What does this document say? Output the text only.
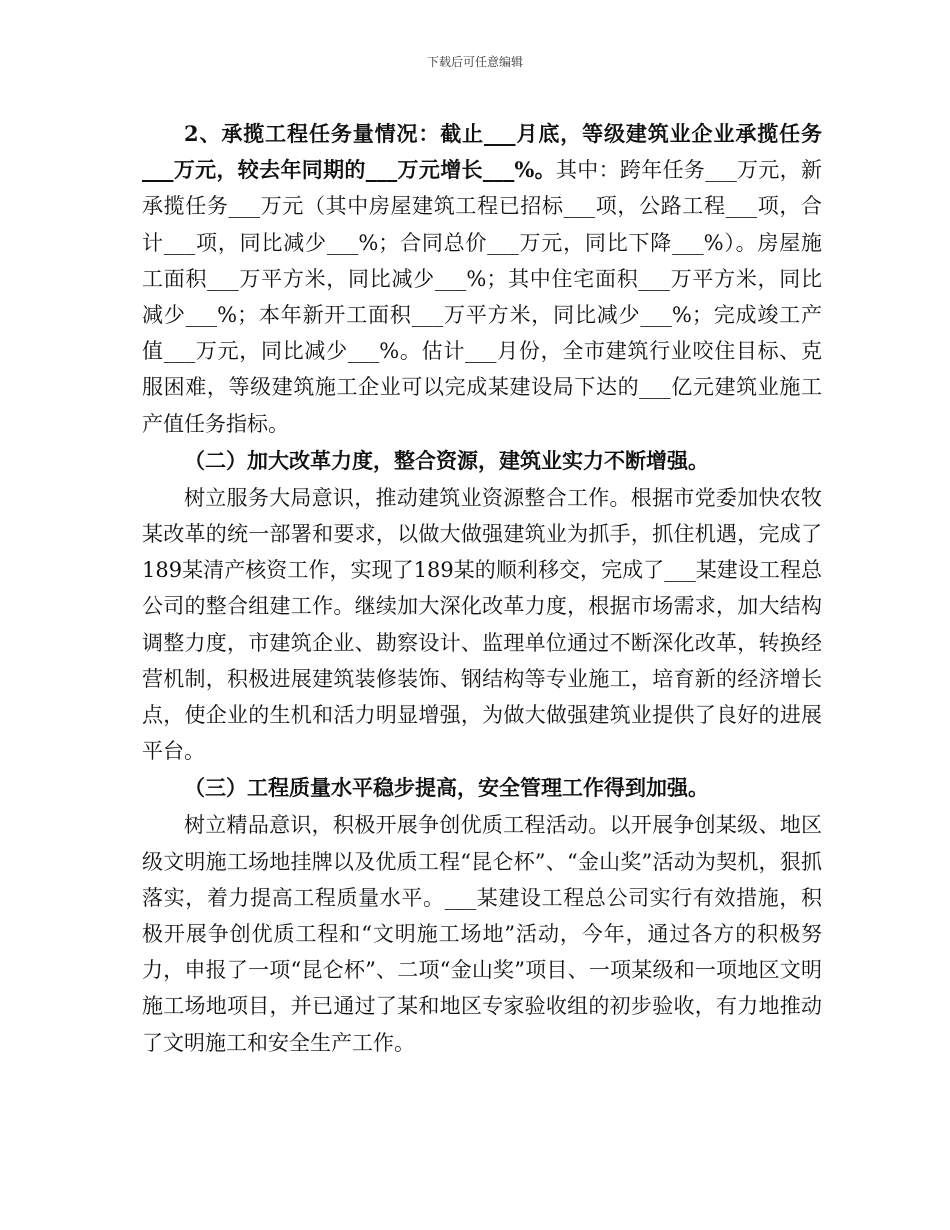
下载后可任意编辑

2、承揽工程任务量情况：截止___月底，等级建筑业企业承揽任务___万元，较去年同期的___万元增长___%。其中：跨年任务___万元，新承揽任务___万元（其中房屋建筑工程已招标___项，公路工程___项，合计___项，同比减少___%；合同总价___万元，同比下降___%）。房屋施工面积___万平方米，同比减少___%；其中住宅面积___万平方米，同比减少___%；本年新开工面积___万平方米，同比减少___%；完成竣工产值___万元，同比减少___%。估计___月份，全市建筑行业咬住目标、克服困难，等级建筑施工企业可以完成某建设局下达的___亿元建筑业施工产值任务指标。

（二）加大改革力度，整合资源，建筑业实力不断增强。

树立服务大局意识，推动建筑业资源整合工作。根据市党委加快农牧某改革的统一部署和要求，以做大做强建筑业为抓手，抓住机遇，完成了189某清产核资工作，实现了189某的顺利移交，完成了___某建设工程总公司的整合组建工作。继续加大深化改革力度，根据市场需求，加大结构调整力度，市建筑企业、勘察设计、监理单位通过不断深化改革，转换经营机制，积极进展建筑装修装饰、钢结构等专业施工，培育新的经济增长点，使企业的生机和活力明显增强，为做大做强建筑业提供了良好的进展平台。

（三）工程质量水平稳步提高，安全管理工作得到加强。

树立精品意识，积极开展争创优质工程活动。以开展争创某级、地区级文明施工场地挂牌以及优质工程“昆仑杯”、“金山奖”活动为契机，狠抓落实，着力提高工程质量水平。___某建设工程总公司实行有效措施，积极开展争创优质工程和“文明施工场地”活动，今年，通过各方的积极努力，申报了一项“昆仑杯”、二项“金山奖”项目、一项某级和一项地区文明施工场地项目，并已通过了某和地区专家验收组的初步验收，有力地推动了文明施工和安全生产工作。
